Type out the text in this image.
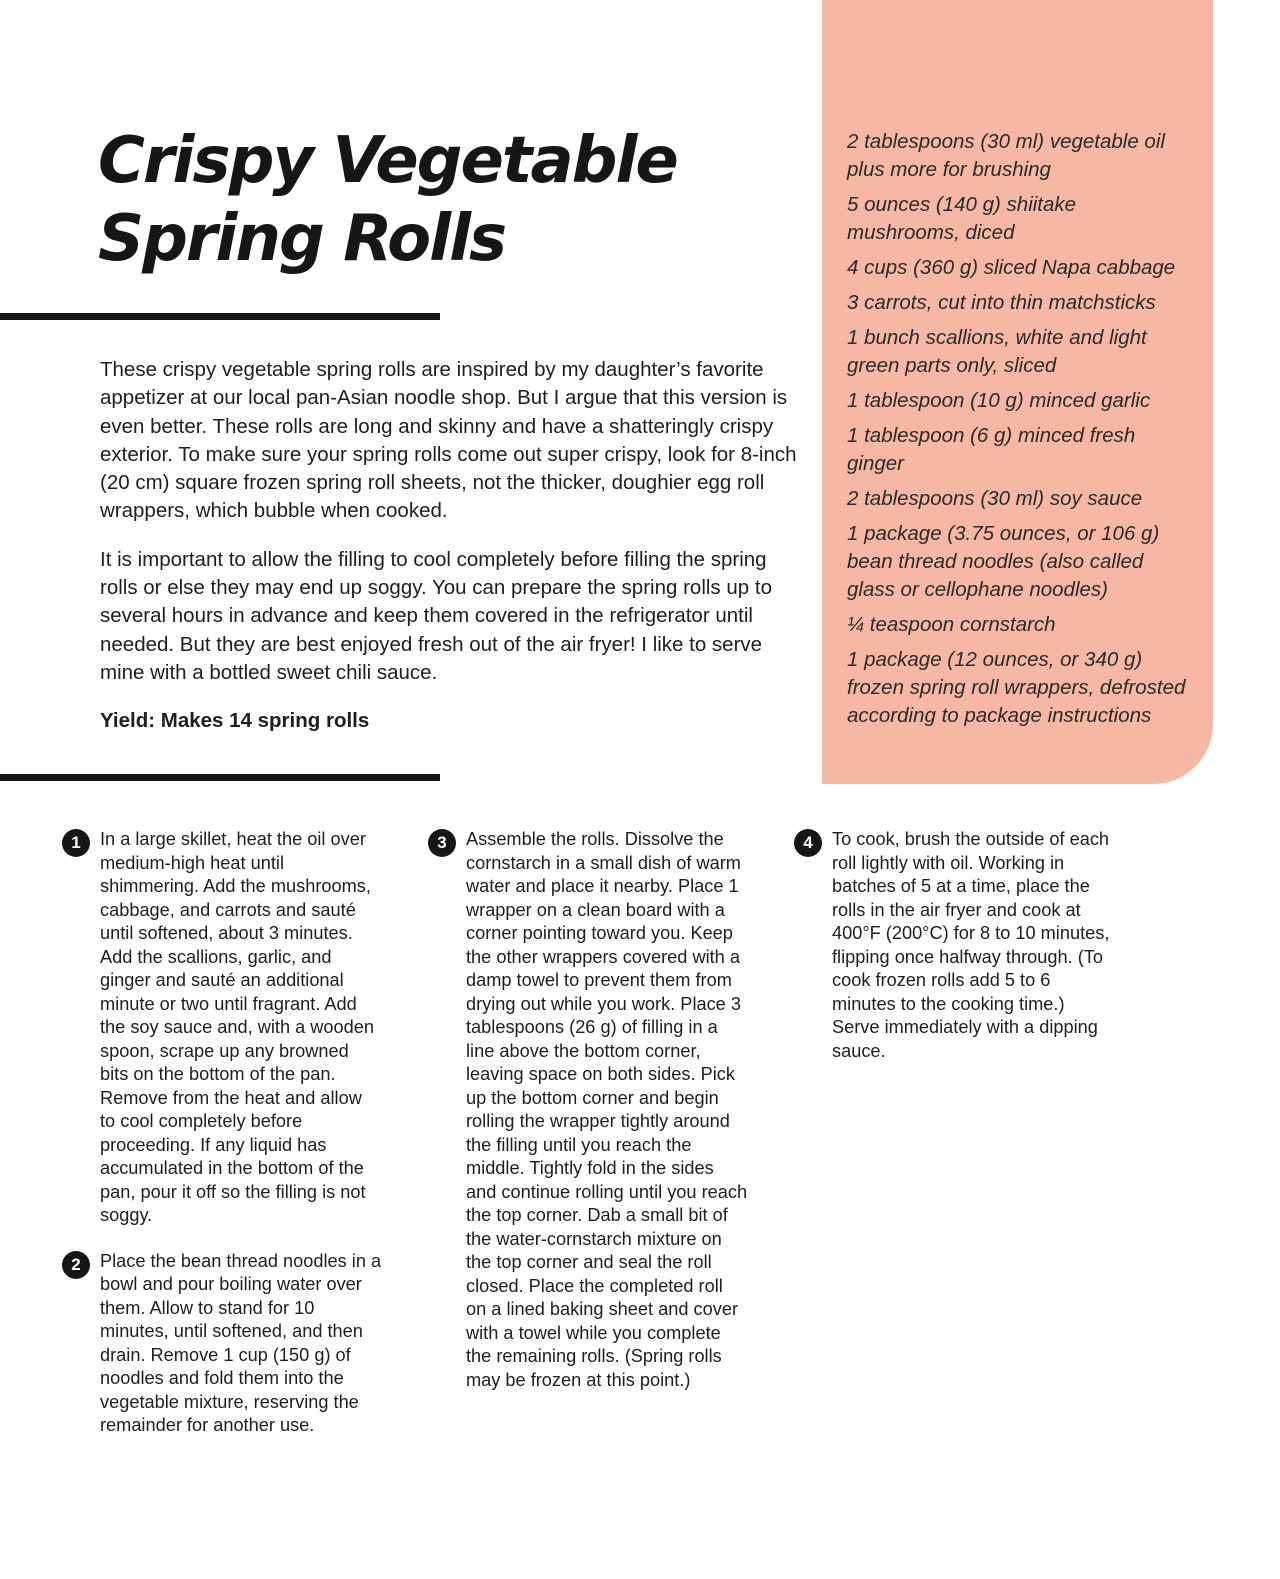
Crispy Vegetable
Spring Rolls

These crispy vegetable spring rolls are inspired by my daughter’s favorite appetizer at our local pan-Asian noodle shop. But I argue that this version is even better. These rolls are long and skinny and have a shatteringly crispy exterior. To make sure your spring rolls come out super crispy, look for 8-inch (20 cm) square frozen spring roll sheets, not the thicker, doughier egg roll wrappers, which bubble when cooked.

It is important to allow the filling to cool completely before filling the spring rolls or else they may end up soggy. You can prepare the spring rolls up to several hours in advance and keep them covered in the refrigerator until needed. But they are best enjoyed fresh out of the air fryer! I like to serve mine with a bottled sweet chili sauce.

Yield: Makes 14 spring rolls

2 tablespoons (30 ml) vegetable oil plus more for brushing
5 ounces (140 g) shiitake mushrooms, diced
4 cups (360 g) sliced Napa cabbage
3 carrots, cut into thin matchsticks
1 bunch scallions, white and light green parts only, sliced
1 tablespoon (10 g) minced garlic
1 tablespoon (6 g) minced fresh ginger
2 tablespoons (30 ml) soy sauce
1 package (3.75 ounces, or 106 g) bean thread noodles (also called glass or cellophane noodles)
¼ teaspoon cornstarch
1 package (12 ounces, or 340 g) frozen spring roll wrappers, defrosted according to package instructions
1	In a large skillet, heat the oil over medium-high heat until shimmering. Add the mushrooms, cabbage, and carrots and sauté until softened, about 3 minutes. Add the scallions, garlic, and ginger and sauté an additional minute or two until fragrant. Add the soy sauce and, with a wooden spoon, scrape up any browned bits on the bottom of the pan. Remove from the heat and allow to cool completely before proceeding. If any liquid has accumulated in the bottom of the pan, pour it off so the filling is not soggy.

2	Place the bean thread noodles in a bowl and pour boiling water over them. Allow to stand for 10 minutes, until softened, and then drain. Remove 1 cup (150 g) of noodles and fold them into the vegetable mixture, reserving the remainder for another use.

3	Assemble the rolls. Dissolve the cornstarch in a small dish of warm water and place it nearby. Place 1 wrapper on a clean board with a corner pointing toward you. Keep the other wrappers covered with a damp towel to prevent them from drying out while you work. Place 3 tablespoons (26 g) of filling in a line above the bottom corner, leaving space on both sides. Pick up the bottom corner and begin rolling the wrapper tightly around the filling until you reach the middle. Tightly fold in the sides and continue rolling until you reach the top corner. Dab a small bit of the water-cornstarch mixture on the top corner and seal the roll closed. Place the completed roll on a lined baking sheet and cover with a towel while you complete the remaining rolls. (Spring rolls may be frozen at this point.)

4	To cook, brush the outside of each roll lightly with oil. Working in batches of 5 at a time, place the rolls in the air fryer and cook at 400°F (200°C) for 8 to 10 minutes, flipping once halfway through. (To cook frozen rolls add 5 to 6 minutes to the cooking time.) Serve immediately with a dipping sauce.
